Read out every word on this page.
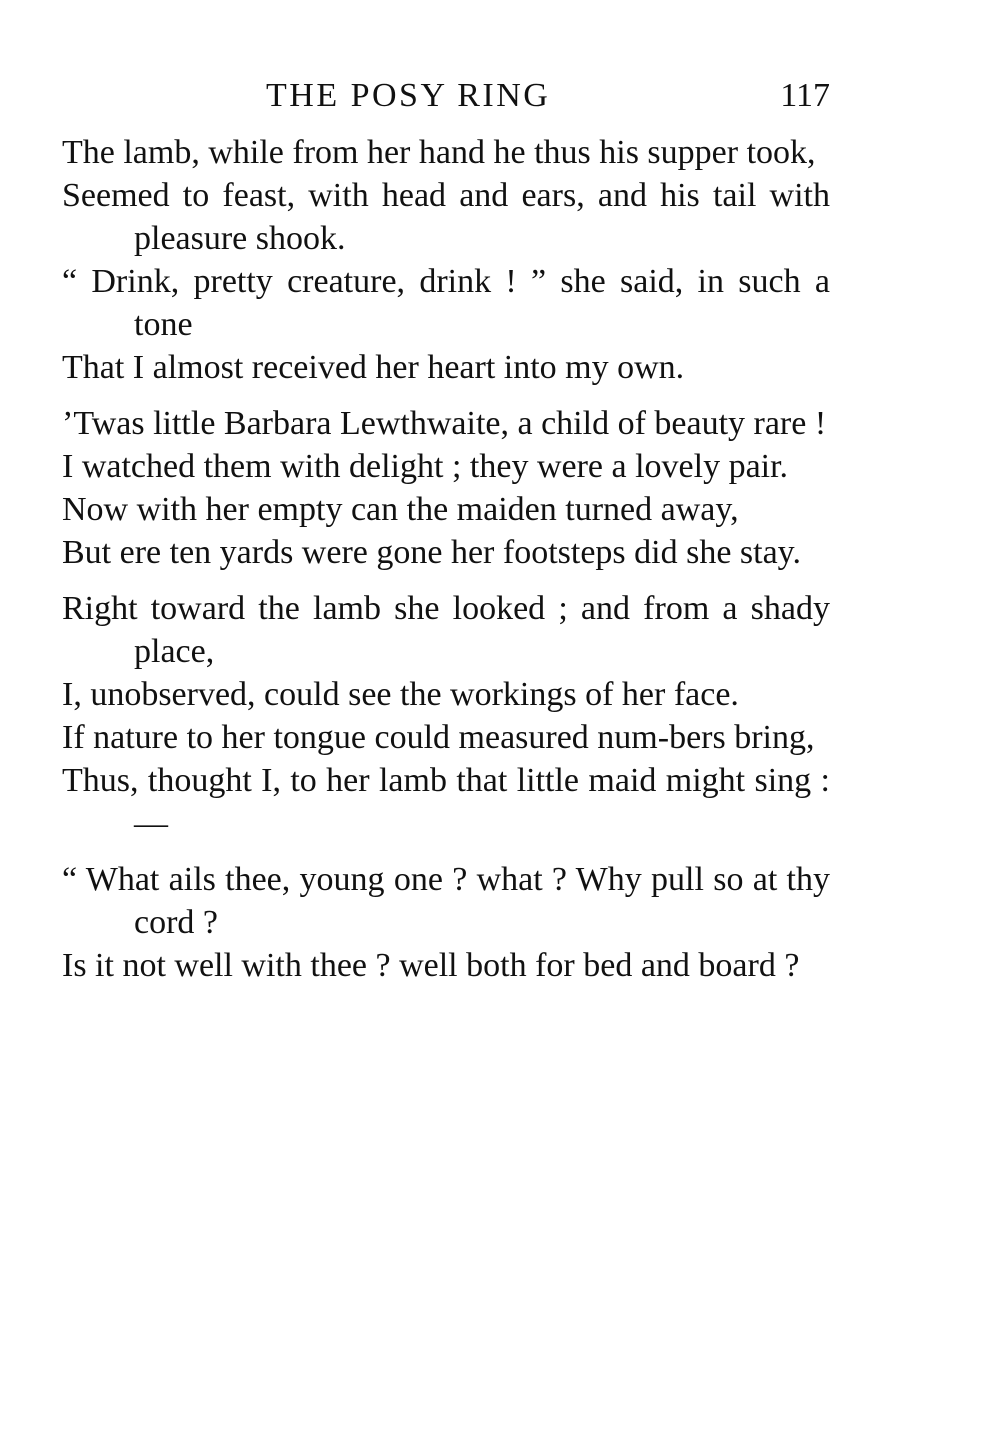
THE POSY RING	117
The lamb, while from her hand he thus his supper took,
Seemed to feast, with head and ears, and his tail with pleasure shook.
“ Drink, pretty creature, drink ! ” she said, in such a tone
That I almost received her heart into my own.
’Twas little Barbara Lewthwaite, a child of beauty rare !
I watched them with delight ; they were a lovely pair.
Now with her empty can the maiden turned away,
But ere ten yards were gone her footsteps did she stay.
Right toward the lamb she looked ; and from a shady place,
I, unobserved, could see the workings of her face.
If nature to her tongue could measured num-bers bring,
Thus, thought I, to her lamb that little maid might sing :—
“ What ails thee, young one ? what ? Why pull so at thy cord ?
Is it not well with thee ? well both for bed and board ?
